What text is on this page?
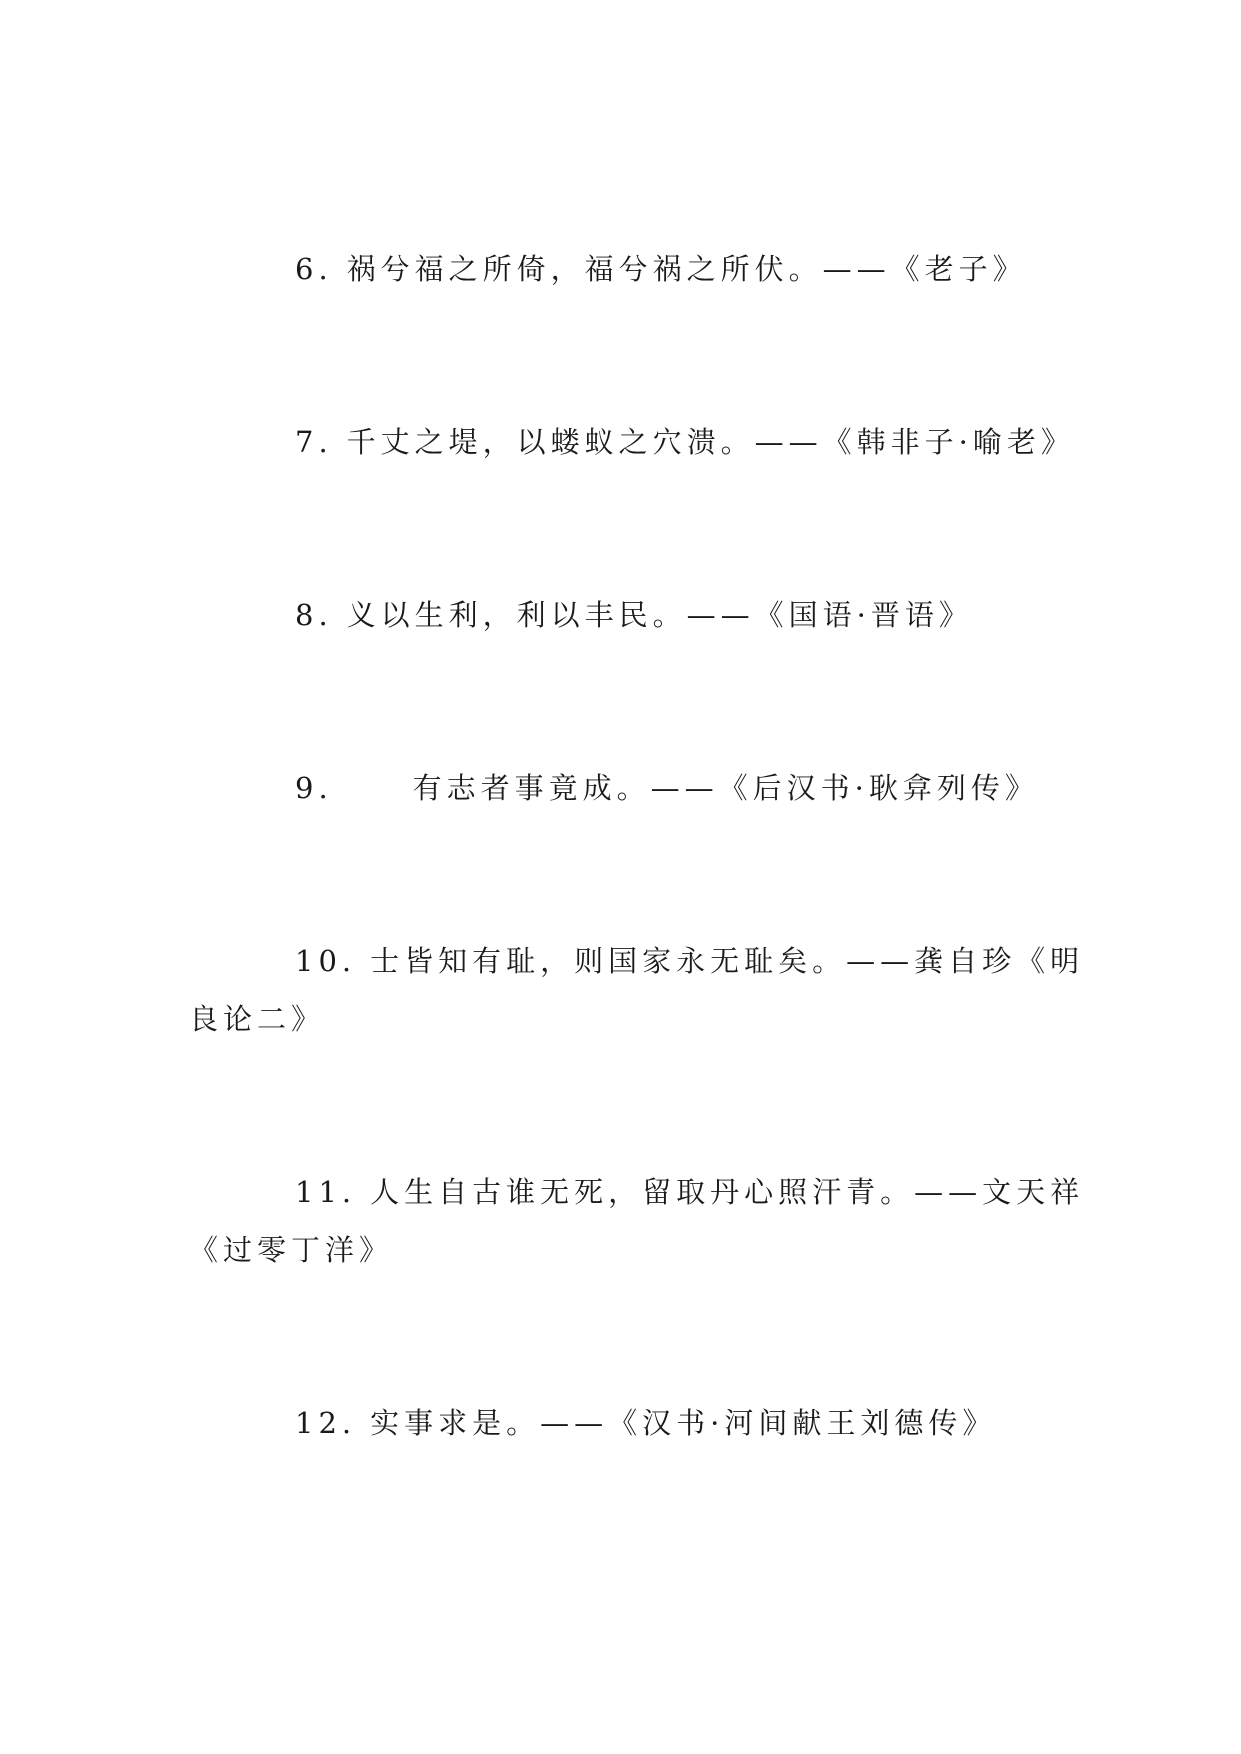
6. 祸兮福之所倚，福兮祸之所伏。——《老子》
7. 千丈之堤，以蝼蚁之穴溃。——《韩非子·喻老》
8. 义以生利，利以丰民。——《国语·晋语》
9.	有志者事竟成。——《后汉书·耿弇列传》
10. 士皆知有耻，则国家永无耻矣。——龚自珍《明
良论二》
11. 人生自古谁无死，留取丹心照汗青。——文天祥
《过零丁洋》
12. 实事求是。——《汉书·河间献王刘德传》
